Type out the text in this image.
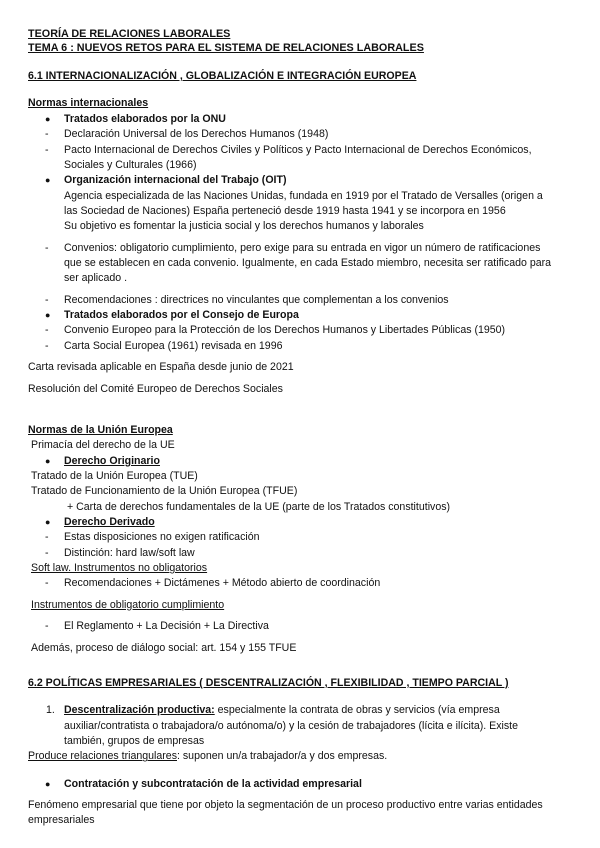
TEORÍA DE RELACIONES LABORALES
TEMA 6 : NUEVOS RETOS PARA EL SISTEMA DE RELACIONES LABORALES
6.1 INTERNACIONALIZACIÓN , GLOBALIZACIÓN E INTEGRACIÓN EUROPEA
Normas internacionales
● Tratados elaborados por la ONU
- Declaración Universal de los Derechos Humanos (1948)
- Pacto Internacional de Derechos Civiles y Políticos y Pacto Internacional de Derechos Económicos,
Sociales y Culturales (1966)
● Organización internacional del Trabajo (OIT)
Agencia especializada de las Naciones Unidas, fundada en 1919 por el Tratado de Versalles (origen a
las Sociedad de Naciones) España perteneció desde 1919 hasta 1941 y se incorpora en 1956
Su objetivo es fomentar la justicia social y los derechos humanos y laborales
- Convenios: obligatorio cumplimiento, pero exige para su entrada en vigor un número de ratificaciones
que se establecen en cada convenio. Igualmente, en cada Estado miembro, necesita ser ratificado para
ser aplicado .
- Recomendaciones : directrices no vinculantes que complementan a los convenios
● Tratados elaborados por el Consejo de Europa
- Convenio Europeo para la Protección de los Derechos Humanos y Libertades Públicas (1950)
- Carta Social Europea (1961) revisada en 1996
Carta revisada aplicable en España desde junio de 2021
Resolución del Comité Europeo de Derechos Sociales
Normas de la Unión Europea
Primacía del derecho de la UE
● Derecho Originario
Tratado de la Unión Europea (TUE)
Tratado de Funcionamiento de la Unión Europea (TFUE)
+ Carta de derechos fundamentales de la UE (parte de los Tratados constitutivos)
● Derecho Derivado
- Estas disposiciones no exigen ratificación
- Distinción: hard law/soft law
Soft law. Instrumentos no obligatorios
- Recomendaciones + Dictámenes + Método abierto de coordinación
Instrumentos de obligatorio cumplimiento
- El Reglamento + La Decisión + La Directiva
Además, proceso de diálogo social: art. 154 y 155 TFUE
6.2 POLÍTICAS EMPRESARIALES ( DESCENTRALIZACIÓN , FLEXIBILIDAD , TIEMPO PARCIAL )
1. Descentralización productiva: especialmente la contrata de obras y servicios (vía empresa
auxiliar/contratista o trabajadora/o autónoma/o) y la cesión de trabajadores (lícita e ilícita). Existe
también, grupos de empresas
Produce relaciones triangulares: suponen un/a trabajador/a y dos empresas.
● Contratación y subcontratación de la actividad empresarial
Fenómeno empresarial que tiene por objeto la segmentación de un proceso productivo entre varias entidades
empresariales
